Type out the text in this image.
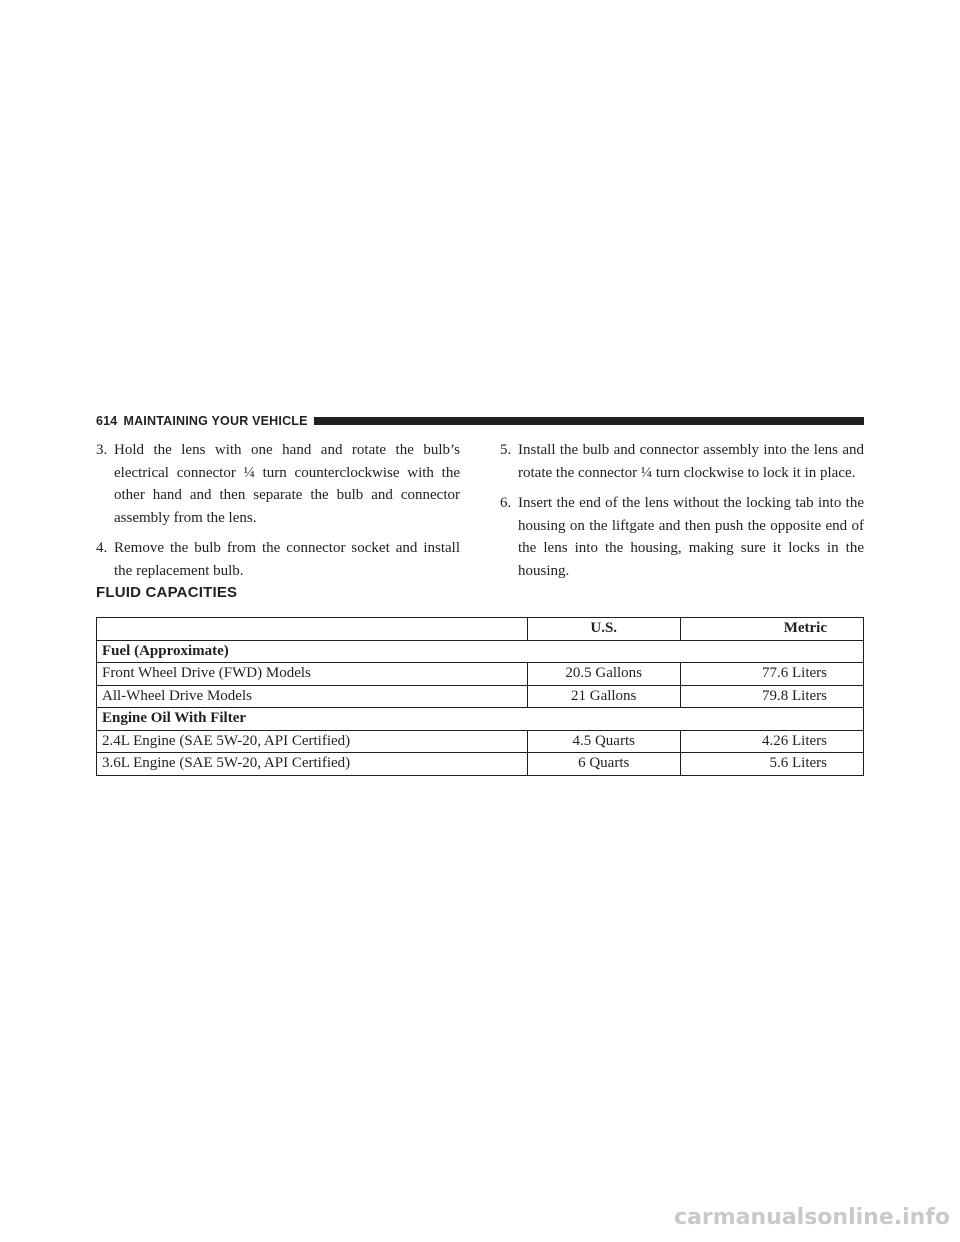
614 MAINTAINING YOUR VEHICLE
3. Hold the lens with one hand and rotate the bulb’s electrical connector ¼ turn counterclockwise with the other hand and then separate the bulb and connector assembly from the lens.
4. Remove the bulb from the connector socket and install the replacement bulb.
5. Install the bulb and connector assembly into the lens and rotate the connector ¼ turn clockwise to lock it in place.
6. Insert the end of the lens without the locking tab into the housing on the liftgate and then push the opposite end of the lens into the housing, making sure it locks in the housing.
FLUID CAPACITIES
	U.S.	Metric
Fuel (Approximate)		
Front Wheel Drive (FWD) Models	20.5 Gallons	77.6 Liters
All-Wheel Drive Models	21 Gallons	79.8 Liters
Engine Oil With Filter		
2.4L Engine (SAE 5W-20, API Certified)	4.5 Quarts	4.26 Liters
3.6L Engine (SAE 5W-20, API Certified)	6 Quarts	5.6 Liters
carmanualsonline.info
